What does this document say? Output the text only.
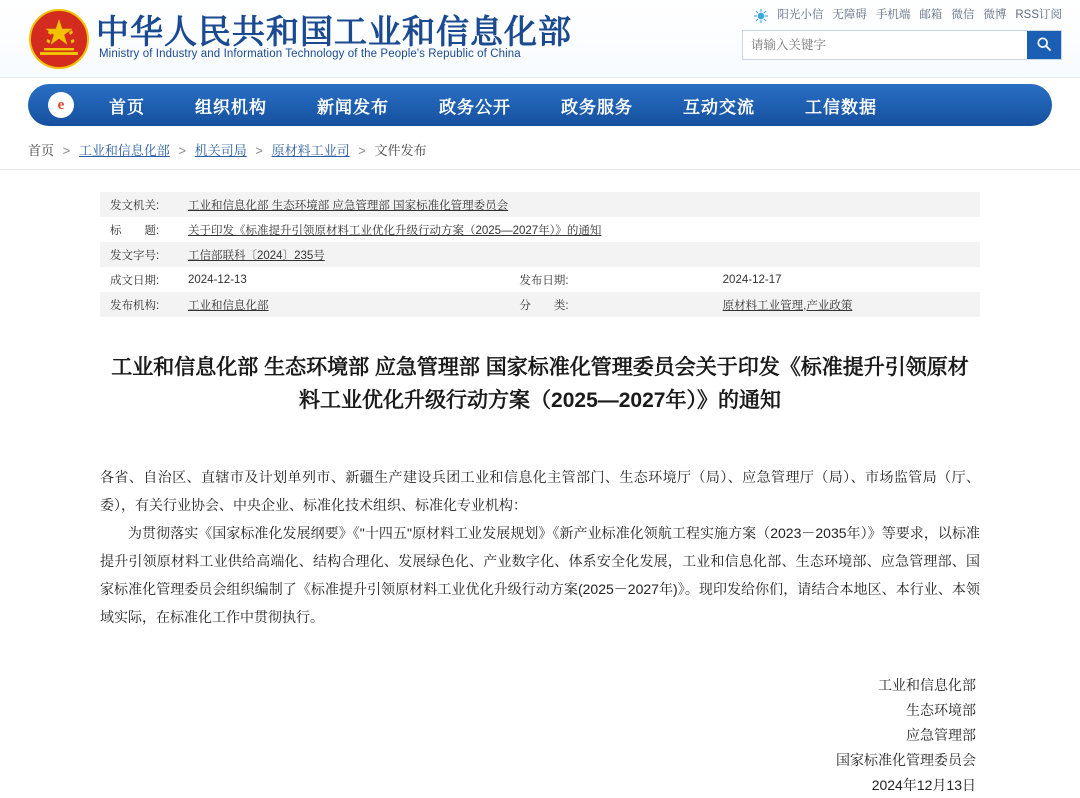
中华人民共和国工业和信息化部
Ministry of Industry and Information Technology of the People's Republic of China
阳光小信 无障碍 手机端 邮箱 微信 微博 RSS订阅
请输入关键字
e	首页	组织机构	新闻发布	政务公开	政务服务	互动交流	工信数据
首页 > 工业和信息化部 > 机关司局 > 原材料工业司 > 文件发布
发文机关:	工业和信息化部 生态环境部 应急管理部 国家标准化管理委员会		
标　　题:	关于印发《标准提升引领原材料工业优化升级行动方案（2025—2027年）》的通知		
发文字号:	工信部联科〔2024〕235号		
成文日期:	2024-12-13	发布日期:	2024-12-17
发布机构:	工业和信息化部	分　　类:	原材料工业管理,产业政策
工业和信息化部 生态环境部 应急管理部 国家标准化管理委员会关于印发《标准提升引领原材料工业优化升级行动方案（2025—2027年）》的通知

各省、自治区、直辖市及计划单列市、新疆生产建设兵团工业和信息化主管部门、生态环境厅（局）、应急管理厅（局）、市场监管局（厅、委），有关行业协会、中央企业、标准化技术组织、标准化专业机构：

为贯彻落实《国家标准化发展纲要》《"十四五"原材料工业发展规划》《新产业标准化领航工程实施方案（2023－2035年）》等要求，以标准提升引领原材料工业供给高端化、结构合理化、发展绿色化、产业数字化、体系安全化发展，工业和信息化部、生态环境部、应急管理部、国家标准化管理委员会组织编制了《标准提升引领原材料工业优化升级行动方案(2025－2027年)》。现印发给你们，请结合本地区、本行业、本领域实际，在标准化工作中贯彻执行。

工业和信息化部
生态环境部
应急管理部
国家标准化管理委员会
2024年12月13日
